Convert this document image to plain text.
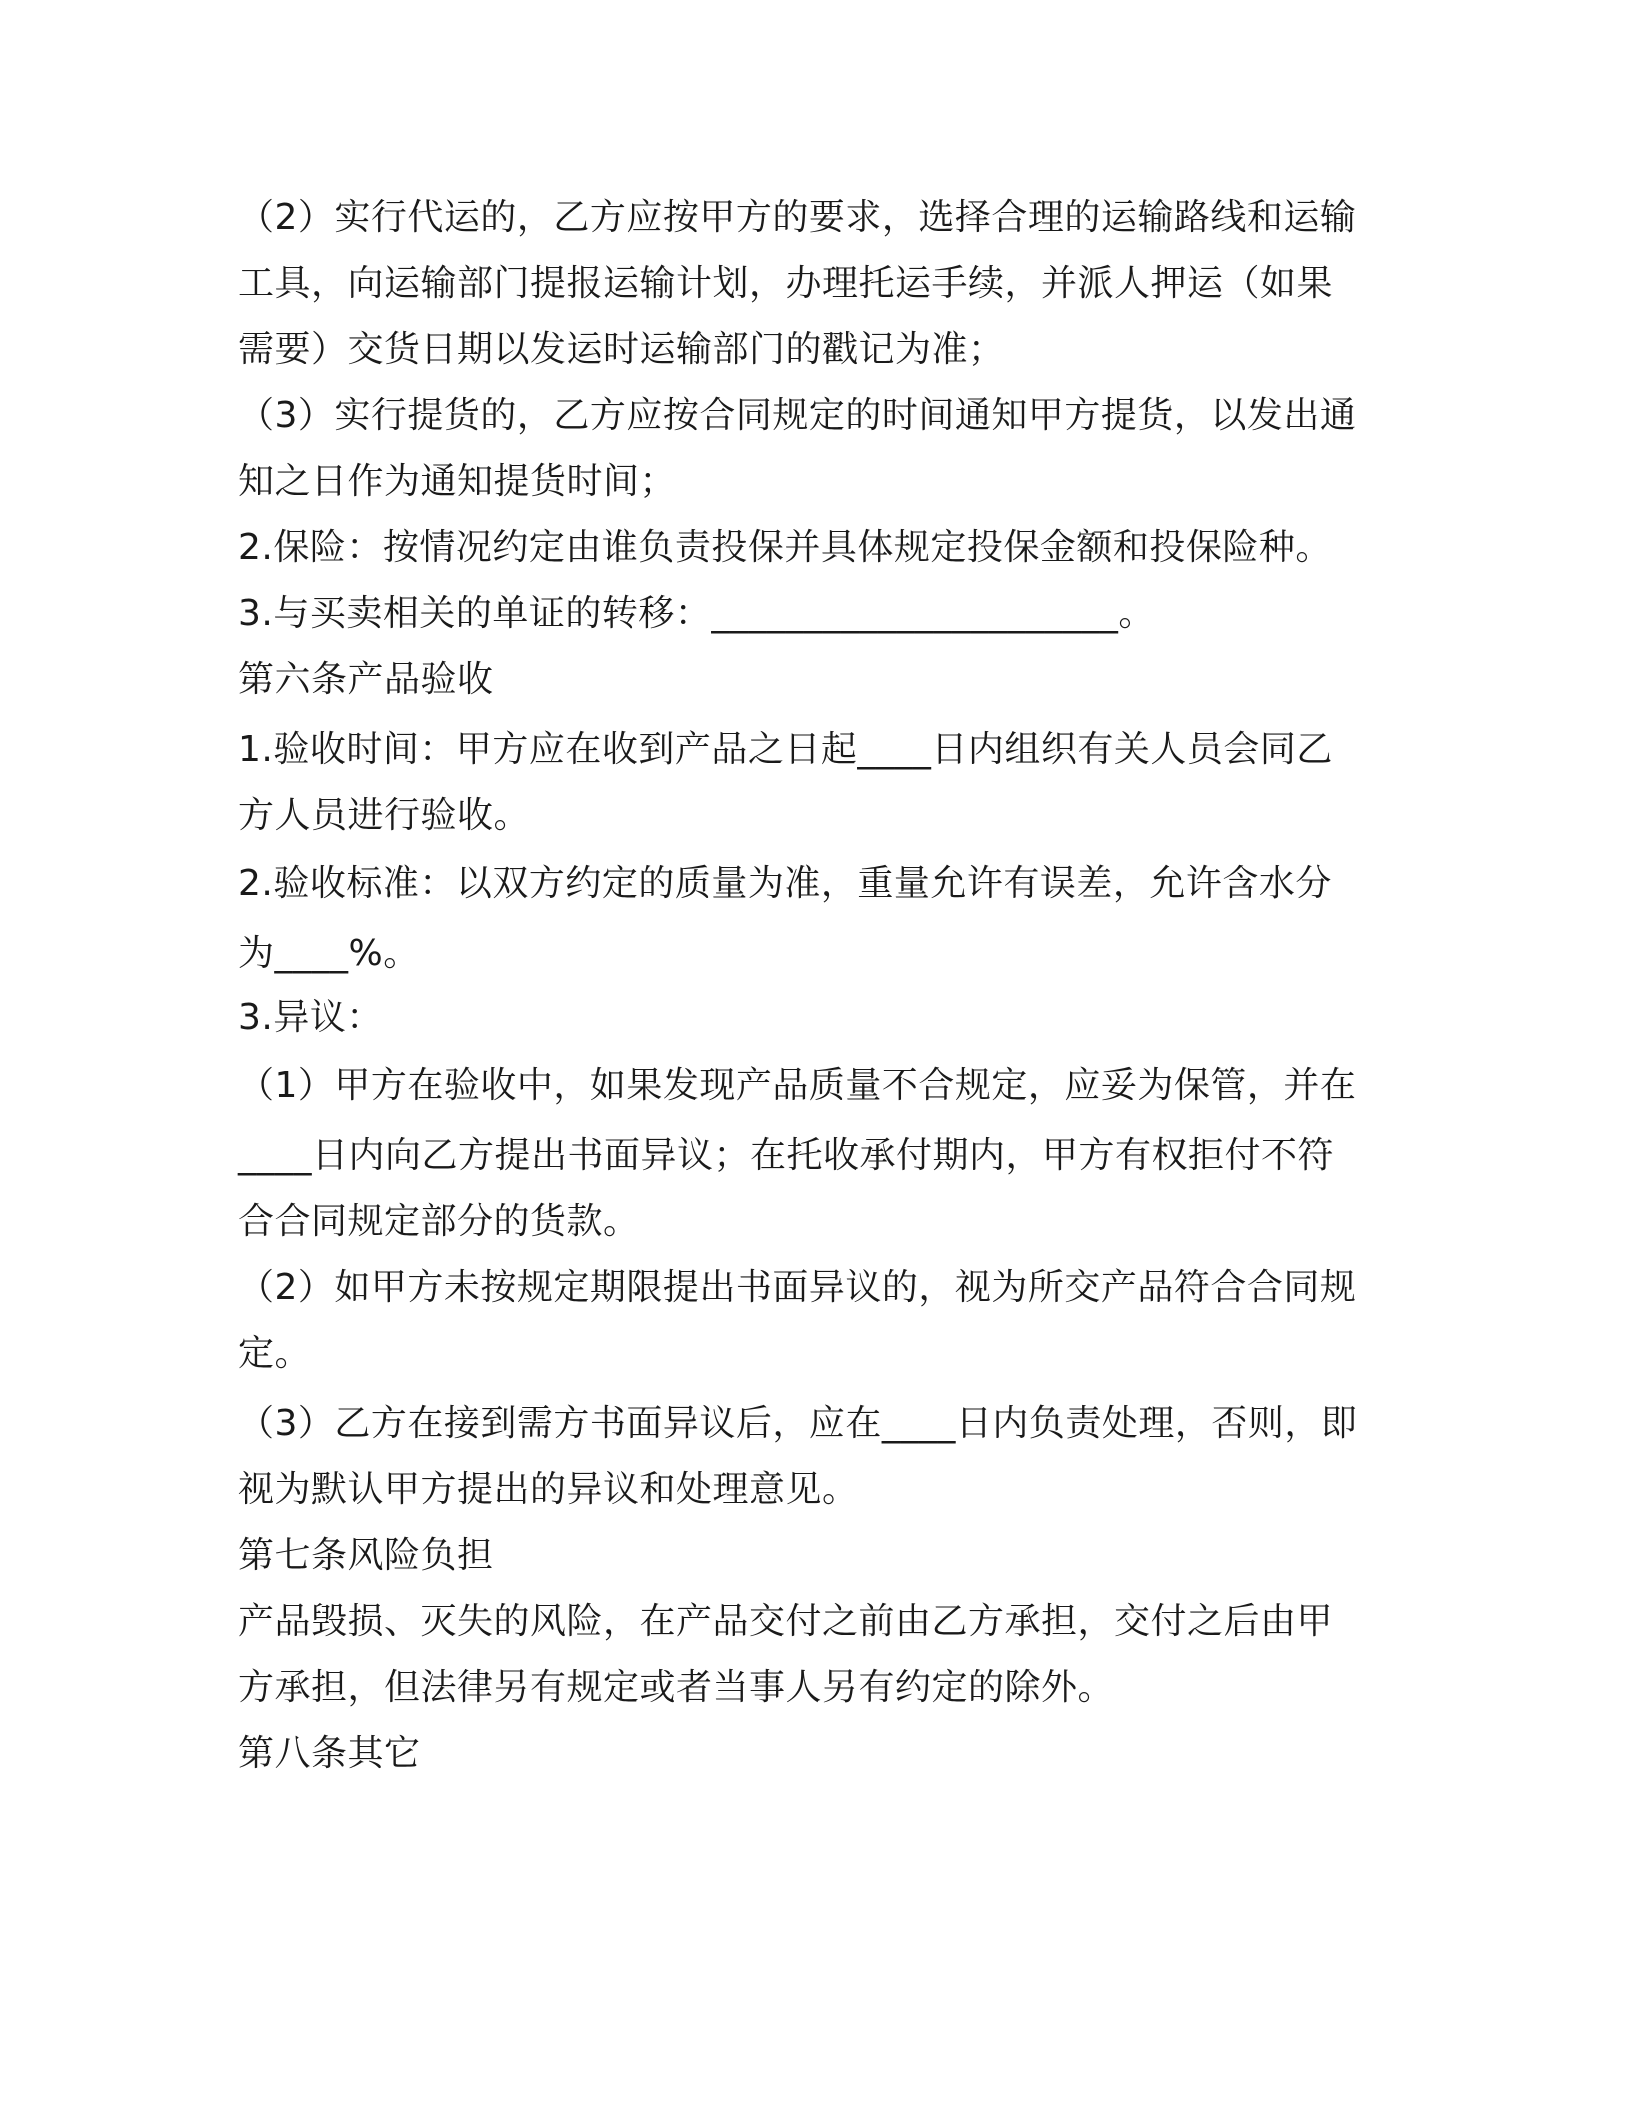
（2）实行代运的，乙方应按甲方的要求，选择合理的运输路线和运输

工具，向运输部门提报运输计划，办理托运手续，并派人押运（如果

需要）交货日期以发运时运输部门的戳记为准；

（3）实行提货的，乙方应按合同规定的时间通知甲方提货，以发出通

知之日作为通知提货时间；

2.保险：按情况约定由谁负责投保并具体规定投保金额和投保险种。

3.与买卖相关的单证的转移：______________________。

第六条产品验收

1.验收时间：甲方应在收到产品之日起____日内组织有关人员会同乙

方人员进行验收。

2.验收标准：以双方约定的质量为准，重量允许有误差，允许含水分

为____%。

3.异议：

（1）甲方在验收中，如果发现产品质量不合规定，应妥为保管，并在

____日内向乙方提出书面异议；在托收承付期内，甲方有权拒付不符

合合同规定部分的货款。

（2）如甲方未按规定期限提出书面异议的，视为所交产品符合合同规

定。

（3）乙方在接到需方书面异议后，应在____日内负责处理，否则，即

视为默认甲方提出的异议和处理意见。

第七条风险负担

产品毁损、灭失的风险，在产品交付之前由乙方承担，交付之后由甲

方承担，但法律另有规定或者当事人另有约定的除外。

第八条其它
